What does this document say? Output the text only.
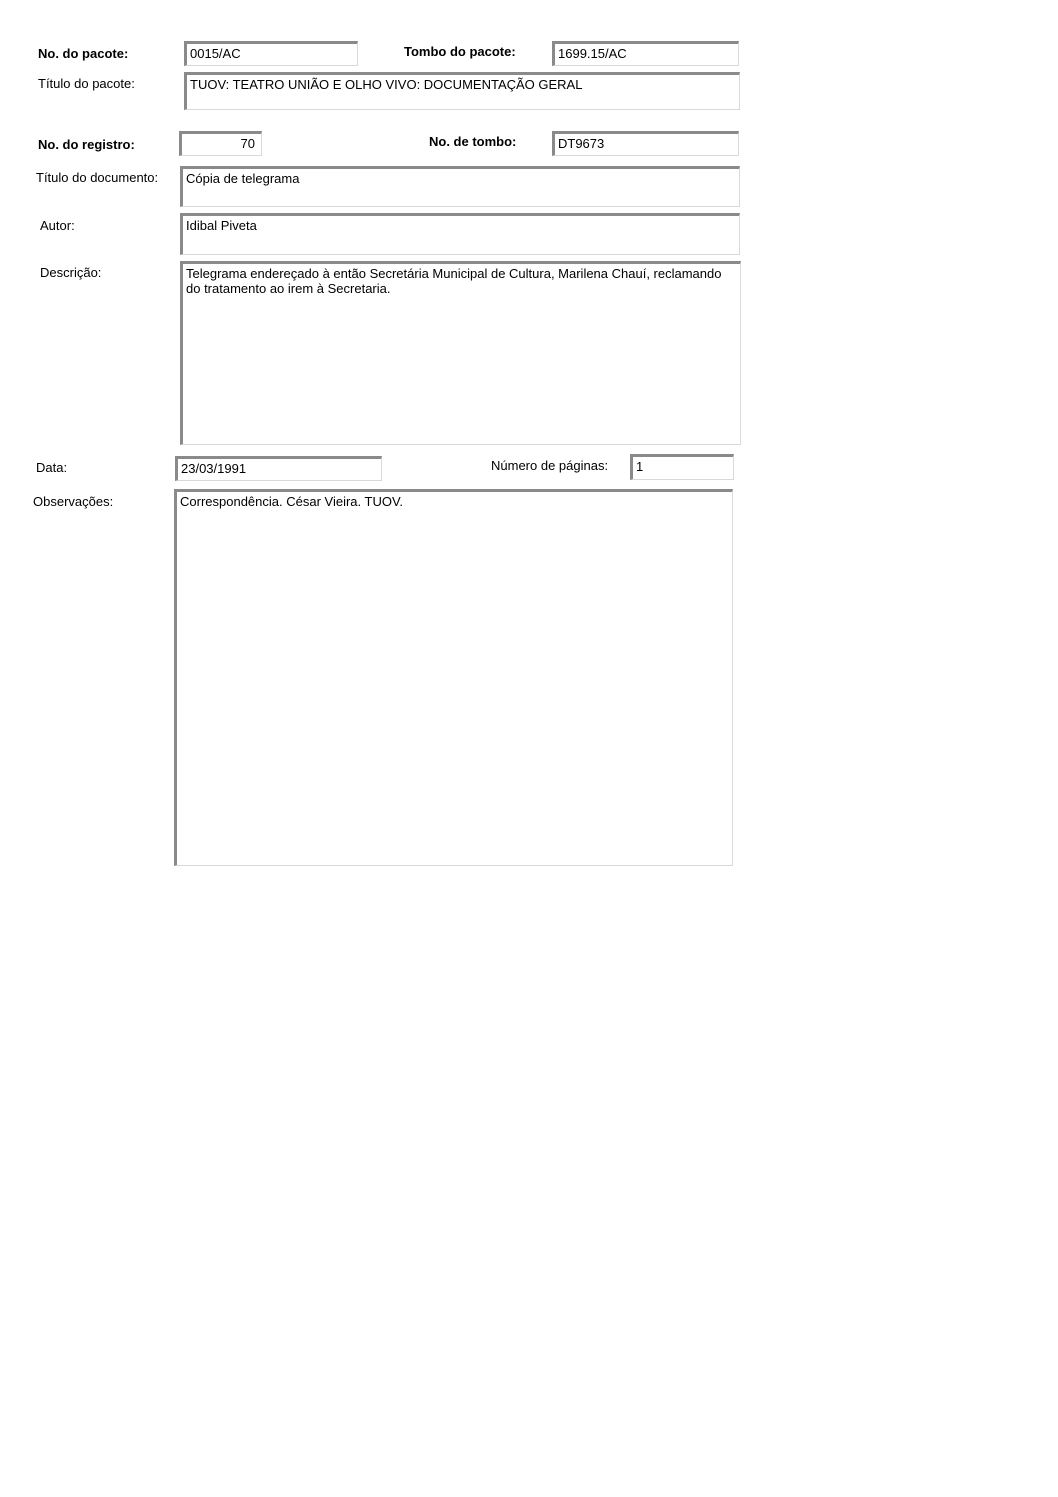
No. do pacote:	0015/AC	Tombo do pacote:	1699.15/AC
Título do pacote:	TUOV: TEATRO UNIÃO E OLHO VIVO: DOCUMENTAÇÃO GERAL
No. do registro:	70	No. de tombo:	DT9673
Título do documento:	Cópia de telegrama
Autor:	Idibal Piveta
Descrição:	Telegrama endereçado à então Secretária Municipal de Cultura, Marilena Chauí, reclamando do tratamento ao irem à Secretaria.
Data:	23/03/1991	Número de páginas:	1
Observações:	Correspondência. César Vieira. TUOV.
